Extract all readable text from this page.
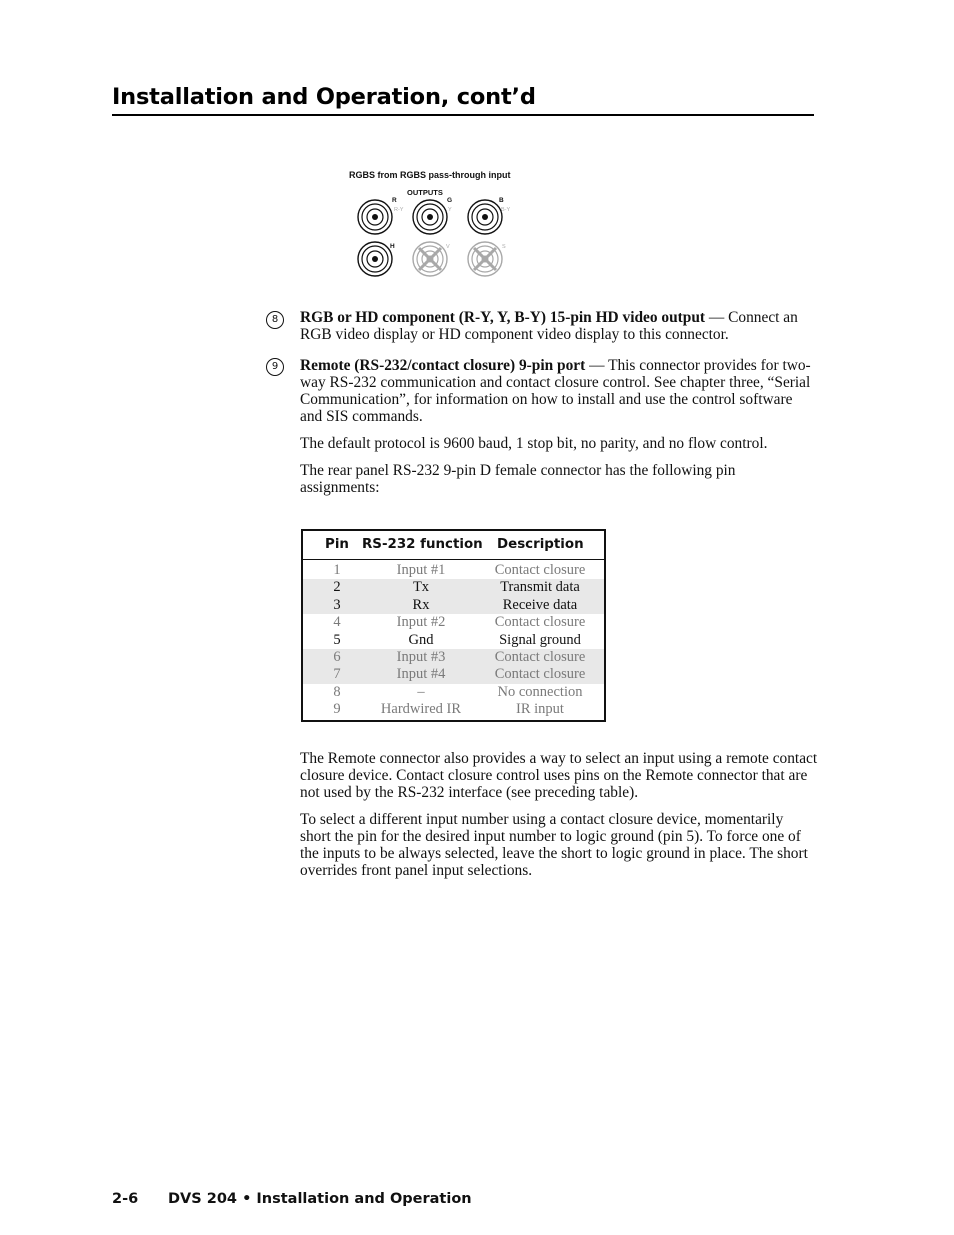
Installation and Operation, cont’d
RGBS from RGBS pass-through input
OUTPUTS
R
R-Y
G
Y
B
B-Y
H	V	S
8	RGB or HD component (R-Y, Y, B-Y) 15-pin HD video output — Connect an RGB video display or HD component video display to this connector.
9	Remote (RS-232/contact closure) 9-pin port — This connector provides for two-way RS-232 communication and contact closure control. See chapter three, “Serial Communication”, for information on how to install and use the control software and SIS commands.
The default protocol is 9600 baud, 1 stop bit, no parity, and no flow control.
The rear panel RS-232 9-pin D female connector has the following pin assignments:
Pin RS-232 function Description
1	Input #1	Contact closure
2	Tx	Transmit data
3	Rx	Receive data
4	Input #2	Contact closure
5	Gnd	Signal ground
6	Input #3	Contact closure
7	Input #4	Contact closure
8	–	No connection
9	Hardwired IR	IR input
The Remote connector also provides a way to select an input using a remote contact closure device. Contact closure control uses pins on the Remote connector that are not used by the RS-232 interface (see preceding table).
To select a different input number using a contact closure device, momentarily short the pin for the desired input number to logic ground (pin 5). To force one of the inputs to be always selected, leave the short to logic ground in place. The short overrides front panel input selections.
2-6 DVS 204 • Installation and Operation
